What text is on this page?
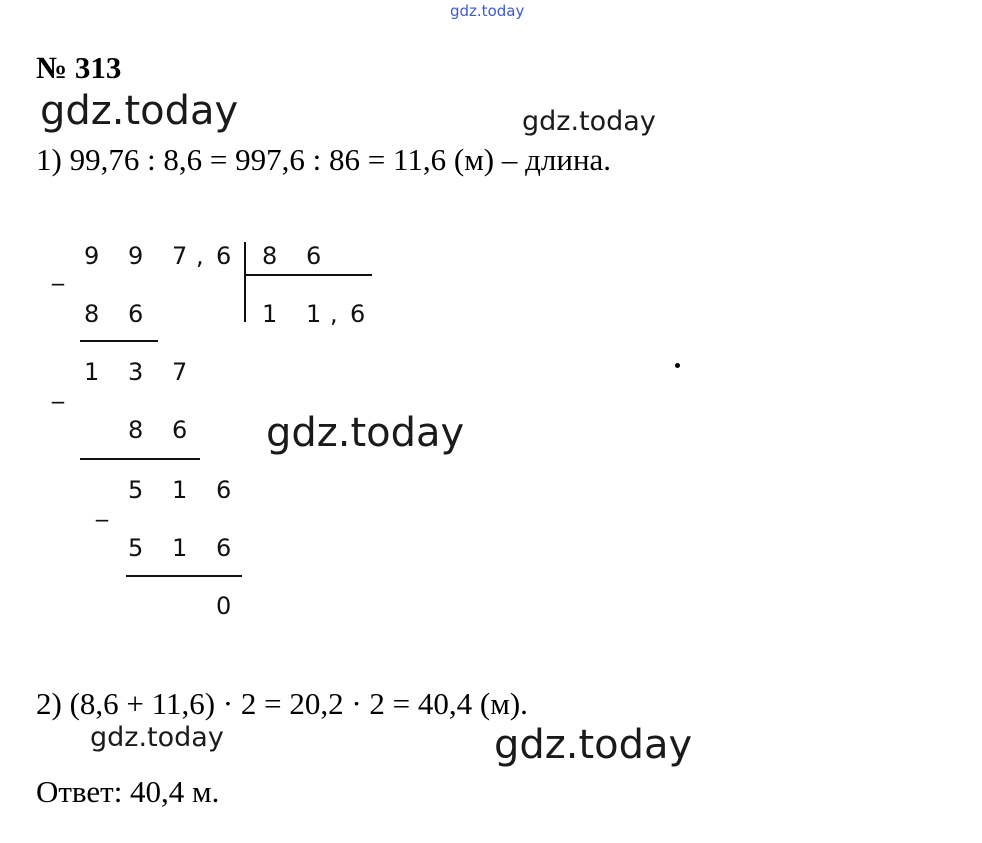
gdz.today
№ 313
gdz.today	gdz.today
1) 99,76 : 8,6 = 997,6 : 86 = 11,6 (м) – длина.
9 9 7 , 6 8 6
1 1 , 6
_
8 6
1 3 7
_
8 6
5 1 6
_
5 1 6
0
gdz.today
2) (8,6 + 11,6) · 2 = 20,2 · 2 = 40,4 (м).
gdz.today	gdz.today
Ответ: 40,4 м.
